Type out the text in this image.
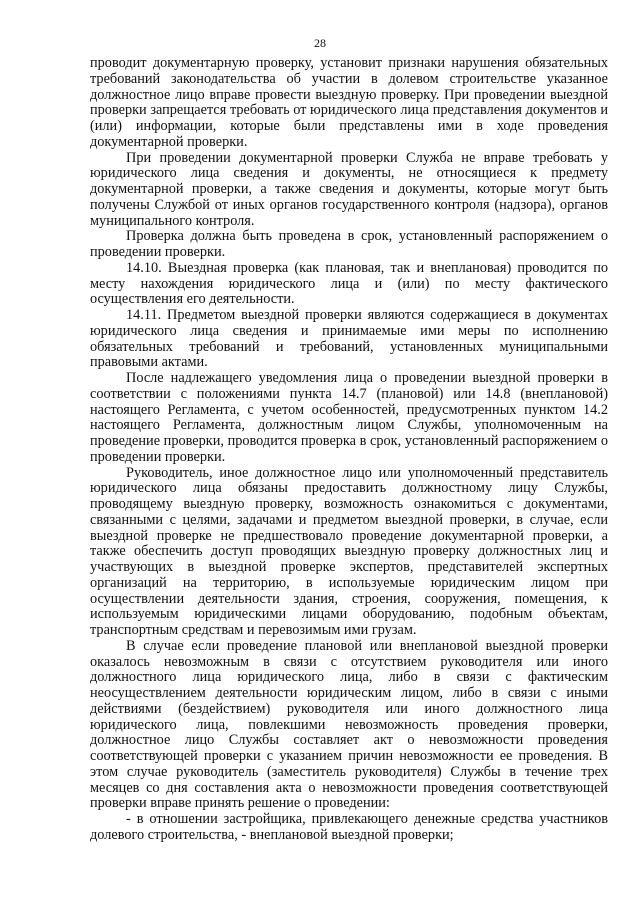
28

проводит документарную проверку, установит признаки нарушения обязательных требований законодательства об участии в долевом строительстве указанное должностное лицо вправе провести выездную проверку. При проведении выездной проверки запрещается требовать от юридического лица представления документов и (или) информации, которые были представлены ими в ходе проведения документарной проверки.

При проведении документарной проверки Служба не вправе требовать у юридического лица сведения и документы, не относящиеся к предмету документарной проверки, а также сведения и документы, которые могут быть получены Службой от иных органов государственного контроля (надзора), органов муниципального контроля.

Проверка должна быть проведена в срок, установленный распоряжением о проведении проверки.

14.10. Выездная проверка (как плановая, так и внеплановая) проводится по месту нахождения юридического лица и (или) по месту фактического осуществления его деятельности.

14.11. Предметом выездной проверки являются содержащиеся в документах юридического лица сведения и принимаемые ими меры по исполнению обязательных требований и требований, установленных муниципальными правовыми актами.

После надлежащего уведомления лица о проведении выездной проверки в соответствии с положениями пункта 14.7 (плановой) или 14.8 (внеплановой) настоящего Регламента, с учетом особенностей, предусмотренных пунктом 14.2 настоящего Регламента, должностным лицом Службы, уполномоченным на проведение проверки, проводится проверка в срок, установленный распоряжением о проведении проверки.

Руководитель, иное должностное лицо или уполномоченный представитель юридического лица обязаны предоставить должностному лицу Службы, проводящему выездную проверку, возможность ознакомиться с документами, связанными с целями, задачами и предметом выездной проверки, в случае, если выездной проверке не предшествовало проведение документарной проверки, а также обеспечить доступ проводящих выездную проверку должностных лиц и участвующих в выездной проверке экспертов, представителей экспертных организаций на территорию, в используемые юридическим лицом при осуществлении деятельности здания, строения, сооружения, помещения, к используемым юридическими лицами оборудованию, подобным объектам, транспортным средствам и перевозимым ими грузам.

В случае если проведение плановой или внеплановой выездной проверки оказалось невозможным в связи с отсутствием руководителя или иного должностного лица юридического лица, либо в связи с фактическим неосуществлением деятельности юридическим лицом, либо в связи с иными действиями (бездействием) руководителя или иного должностного лица юридического лица, повлекшими невозможность проведения проверки, должностное лицо Службы составляет акт о невозможности проведения соответствующей проверки с указанием причин невозможности ее проведения. В этом случае руководитель (заместитель руководителя) Службы в течение трех месяцев со дня составления акта о невозможности проведения соответствующей проверки вправе принять решение о проведении:

- в отношении застройщика, привлекающего денежные средства участников долевого строительства, - внеплановой выездной проверки;
